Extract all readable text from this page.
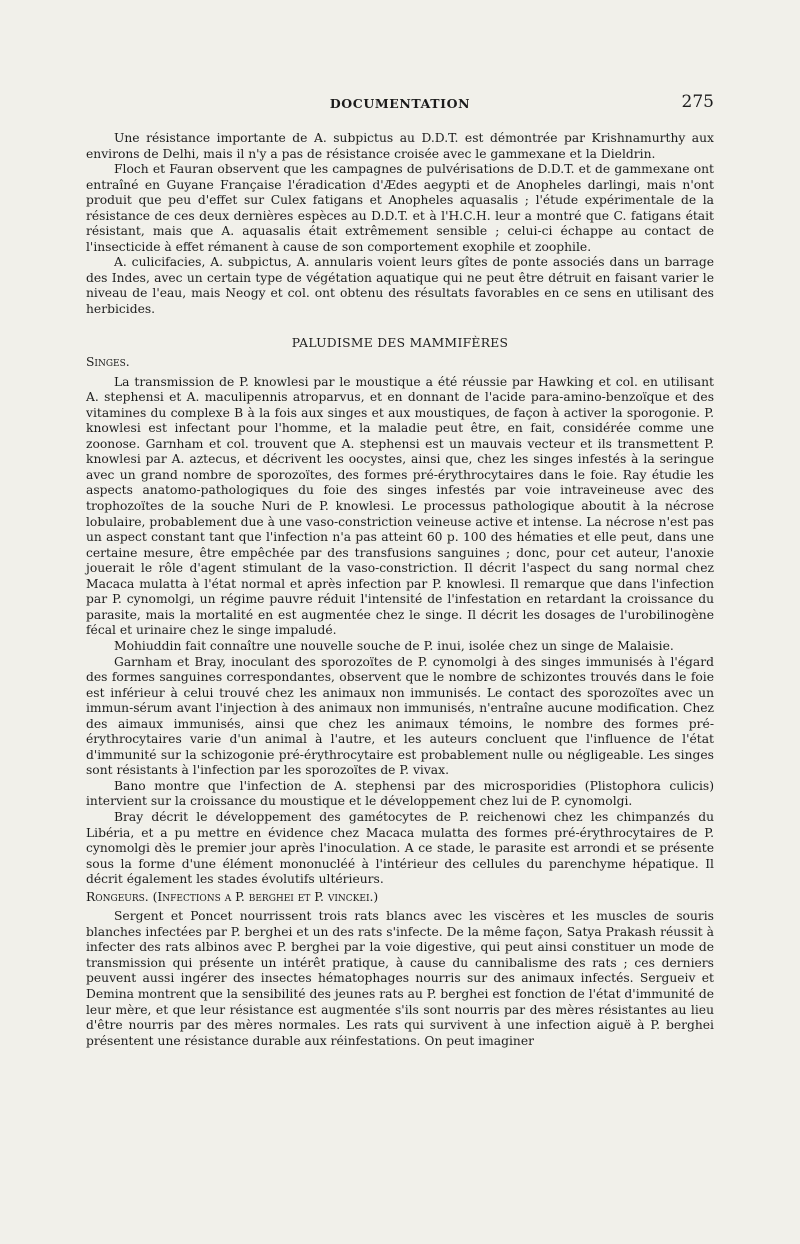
DOCUMENTATION	275

Une résistance importante de A. subpictus au D.D.T. est démontrée par Krishnamurthy aux environs de Delhi, mais il n'y a pas de résistance croisée avec le gammexane et la Dieldrin.

Floch et Fauran observent que les campagnes de pulvérisations de D.D.T. et de gammexane ont entraîné en Guyane Française l'éradication d'Ædes aegypti et de Anopheles darlingi, mais n'ont produit que peu d'effet sur Culex fatigans et Anopheles aquasalis ; l'étude expérimentale de la résistance de ces deux dernières espèces au D.D.T. et à l'H.C.H. leur a montré que C. fatigans était résistant, mais que A. aquasalis était extrêmement sensible ; celui-ci échappe au contact de l'insecticide à effet rémanent à cause de son comportement exophile et zoophile.

A. culicifacies, A. subpictus, A. annularis voient leurs gîtes de ponte associés dans un barrage des Indes, avec un certain type de végétation aquatique qui ne peut être détruit en faisant varier le niveau de l'eau, mais Neogy et col. ont obtenu des résultats favorables en ce sens en utilisant des herbicides.

PALUDISME DES MAMMIFÈRES

Singes.

La transmission de P. knowlesi par le moustique a été réussie par Hawking et col. en utilisant A. stephensi et A. maculipennis atroparvus, et en donnant de l'acide para-amino-benzoïque et des vitamines du complexe B à la fois aux singes et aux moustiques, de façon à activer la sporogonie. P. knowlesi est infectant pour l'homme, et la maladie peut être, en fait, considérée comme une zoonose. Garnham et col. trouvent que A. stephensi est un mauvais vecteur et ils transmettent P. knowlesi par A. aztecus, et décrivent les oocystes, ainsi que, chez les singes infestés à la seringue avec un grand nombre de sporozoïtes, des formes pré-érythrocytaires dans le foie. Ray étudie les aspects anatomo-pathologiques du foie des singes infestés par voie intraveineuse avec des trophozoïtes de la souche Nuri de P. knowlesi. Le processus pathologique aboutit à la nécrose lobulaire, probablement due à une vaso-constriction veineuse active et intense. La nécrose n'est pas un aspect constant tant que l'infection n'a pas atteint 60 p. 100 des hématies et elle peut, dans une certaine mesure, être empêchée par des transfusions sanguines ; donc, pour cet auteur, l'anoxie jouerait le rôle d'agent stimulant de la vaso-constriction. Il décrit l'aspect du sang normal chez Macaca mulatta à l'état normal et après infection par P. knowlesi. Il remarque que dans l'infection par P. cynomolgi, un régime pauvre réduit l'intensité de l'infestation en retardant la croissance du parasite, mais la mortalité en est augmentée chez le singe. Il décrit les dosages de l'urobilinogène fécal et urinaire chez le singe impaludé.

Mohiuddin fait connaître une nouvelle souche de P. inui, isolée chez un singe de Malaisie.

Garnham et Bray, inoculant des sporozoïtes de P. cynomolgi à des singes immunisés à l'égard des formes sanguines correspondantes, observent que le nombre de schizontes trouvés dans le foie est inférieur à celui trouvé chez les animaux non immunisés. Le contact des sporozoïtes avec un immun-sérum avant l'injection à des animaux non immunisés, n'entraîne aucune modification. Chez des aimaux immunisés, ainsi que chez les animaux témoins, le nombre des formes pré-érythrocytaires varie d'un animal à l'autre, et les auteurs concluent que l'influence de l'état d'immunité sur la schizogonie pré-érythrocytaire est probablement nulle ou négligeable. Les singes sont résistants à l'infection par les sporozoïtes de P. vivax.

Bano montre que l'infection de A. stephensi par des microsporidies (Plistophora culicis) intervient sur la croissance du moustique et le développement chez lui de P. cynomolgi.

Bray décrit le développement des gamétocytes de P. reichenowi chez les chimpanzés du Libéria, et a pu mettre en évidence chez Macaca mulatta des formes pré-érythrocytaires de P. cynomolgi dès le premier jour après l'inoculation. A ce stade, le parasite est arrondi et se présente sous la forme d'une élément mononucléé à l'intérieur des cellules du parenchyme hépatique. Il décrit également les stades évolutifs ultérieurs.

Rongeurs. (Infections a P. berghei et P. vinckei.)

Sergent et Poncet nourrissent trois rats blancs avec les viscères et les muscles de souris blanches infectées par P. berghei et un des rats s'infecte. De la même façon, Satya Prakash réussit à infecter des rats albinos avec P. berghei par la voie digestive, qui peut ainsi constituer un mode de transmission qui présente un intérêt pratique, à cause du cannibalisme des rats ; ces derniers peuvent aussi ingérer des insectes hématophages nourris sur des animaux infectés. Sergueiv et Demina montrent que la sensibilité des jeunes rats au P. berghei est fonction de l'état d'immunité de leur mère, et que leur résistance est augmentée s'ils sont nourris par des mères résistantes au lieu d'être nourris par des mères normales. Les rats qui survivent à une infection aiguë à P. berghei présentent une résistance durable aux réinfestations. On peut imaginer
